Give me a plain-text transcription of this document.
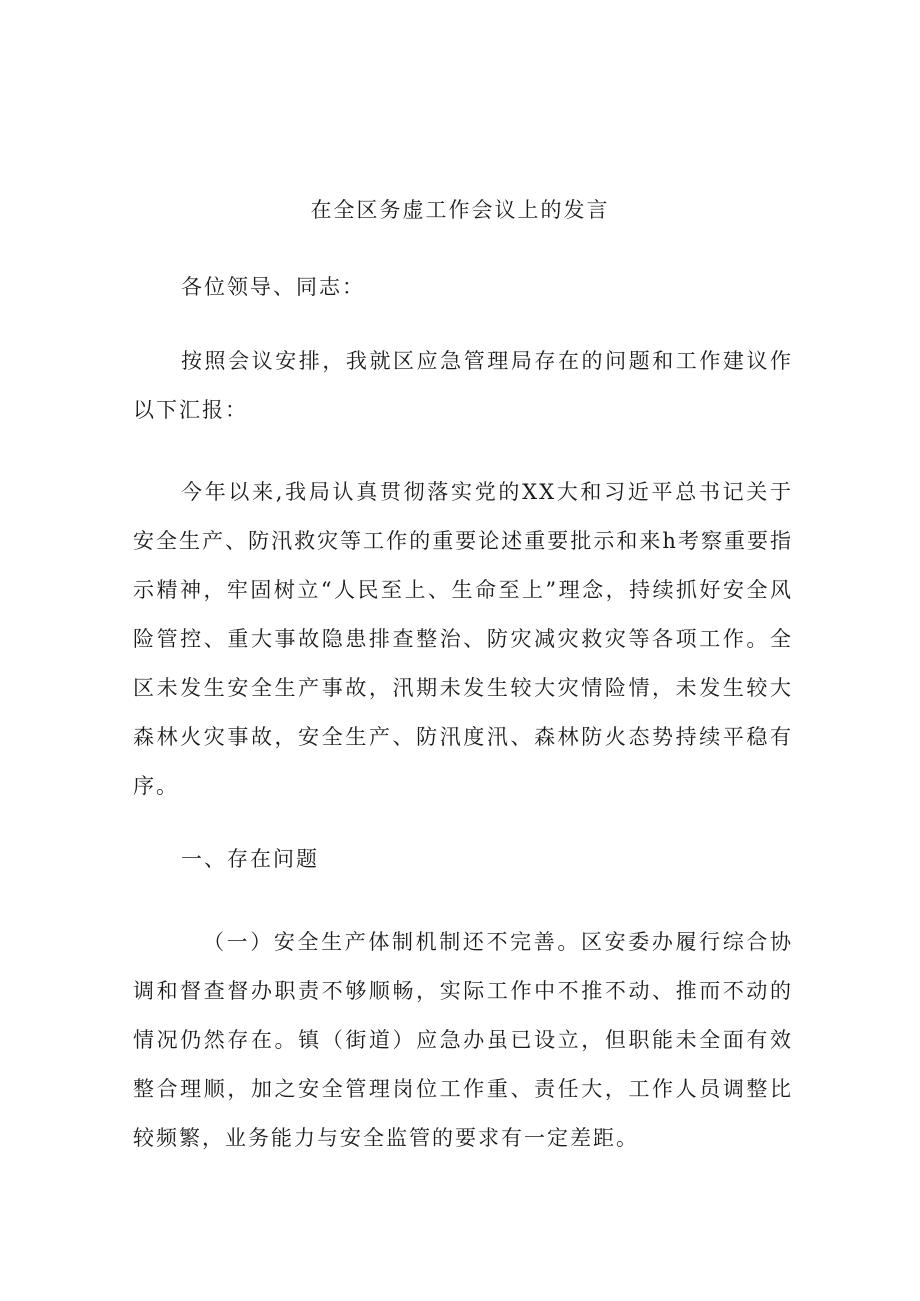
在全区务虚工作会议上的发言

各位领导、同志：

按照会议安排，我就区应急管理局存在的问题和工作建议作以下汇报：

今年以来,我局认真贯彻落实党的XX大和习近平总书记关于安全生产、防汛救灾等工作的重要论述重要批示和来h考察重要指示精神，牢固树立“人民至上、生命至上”理念，持续抓好安全风险管控、重大事故隐患排查整治、防灾减灾救灾等各项工作。全区未发生安全生产事故，汛期未发生较大灾情险情，未发生较大森林火灾事故，安全生产、防汛度汛、森林防火态势持续平稳有序。

一、存在问题

（一）安全生产体制机制还不完善。区安委办履行综合协调和督查督办职责不够顺畅，实际工作中不推不动、推而不动的情况仍然存在。镇（街道）应急办虽已设立，但职能未全面有效整合理顺，加之安全管理岗位工作重、责任大，工作人员调整比较频繁，业务能力与安全监管的要求有一定差距。
